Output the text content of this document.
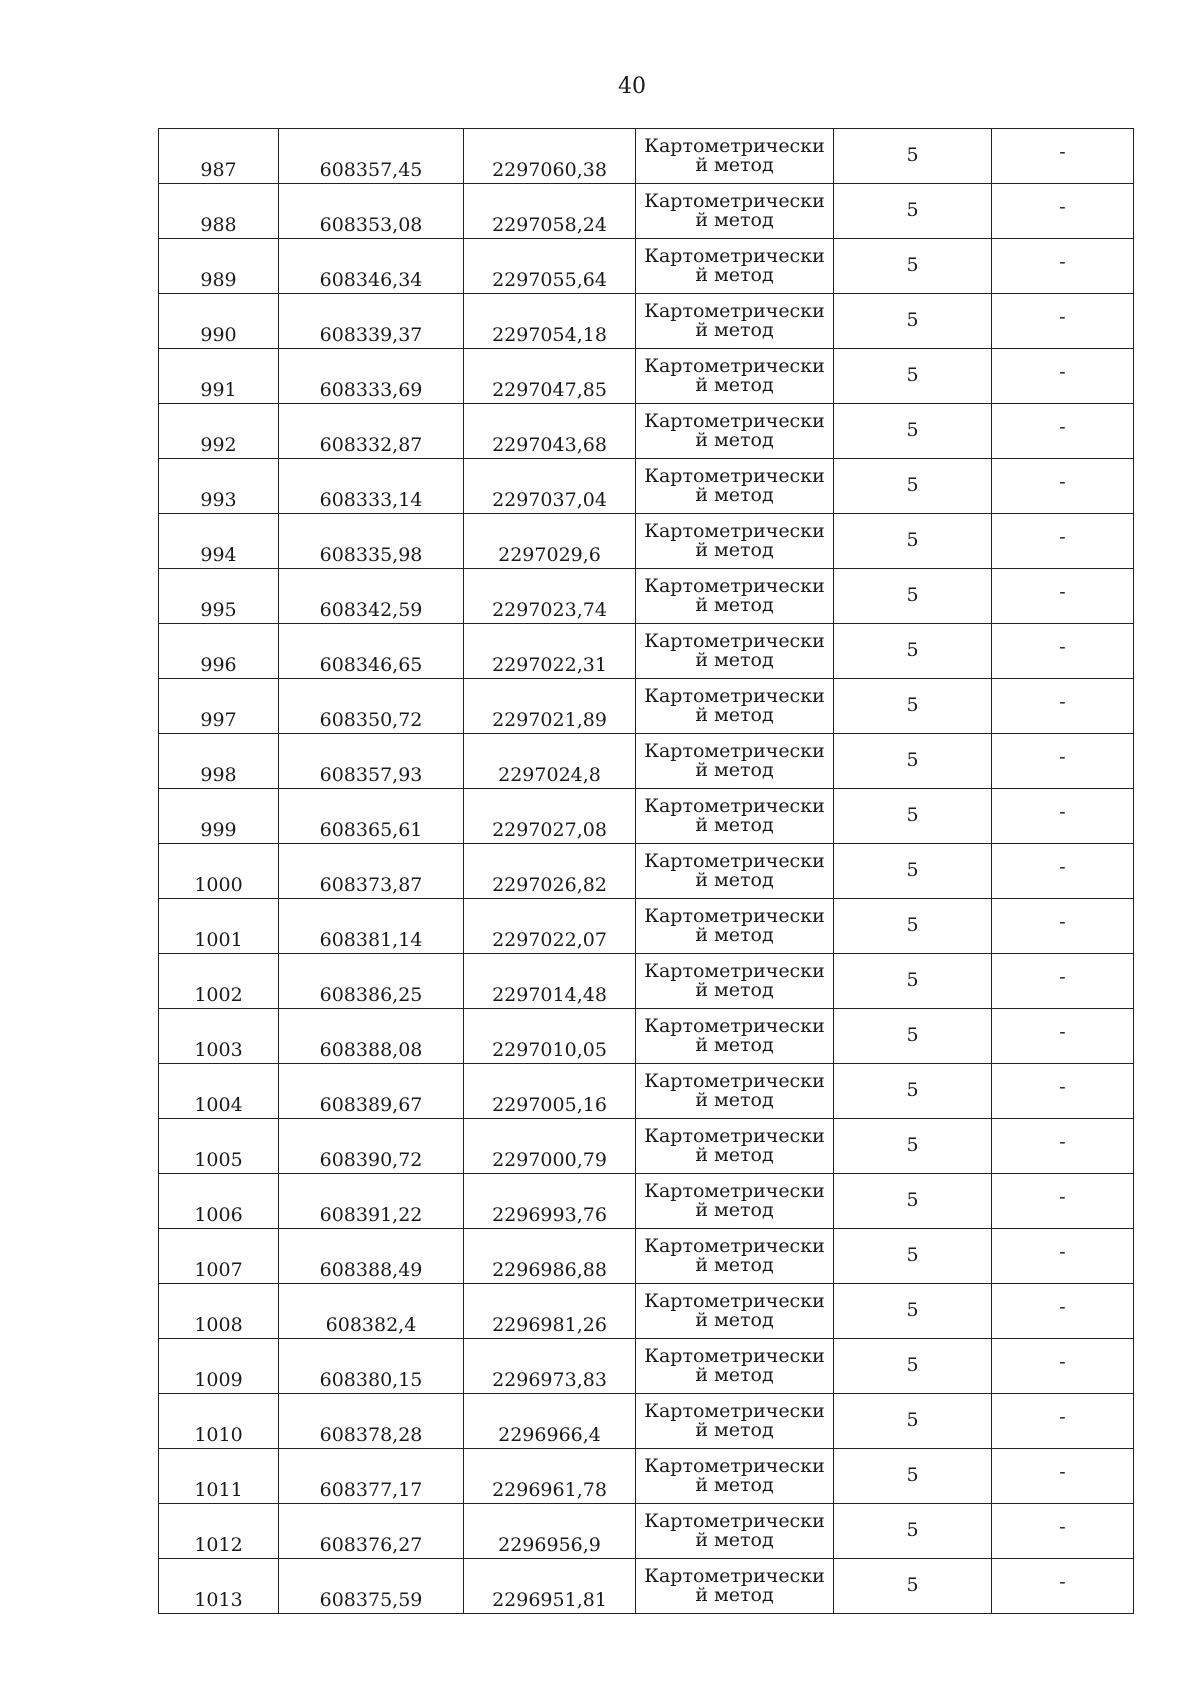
40
987	608357,45	2297060,38	Картометрически
й метод	5	-
988	608353,08	2297058,24	Картометрически
й метод	5	-
989	608346,34	2297055,64	Картометрически
й метод	5	-
990	608339,37	2297054,18	Картометрически
й метод	5	-
991	608333,69	2297047,85	Картометрически
й метод	5	-
992	608332,87	2297043,68	Картометрически
й метод	5	-
993	608333,14	2297037,04	Картометрически
й метод	5	-
994	608335,98	2297029,6	Картометрически
й метод	5	-
995	608342,59	2297023,74	Картометрически
й метод	5	-
996	608346,65	2297022,31	Картометрически
й метод	5	-
997	608350,72	2297021,89	Картометрически
й метод	5	-
998	608357,93	2297024,8	Картометрически
й метод	5	-
999	608365,61	2297027,08	Картометрически
й метод	5	-
1000	608373,87	2297026,82	Картометрически
й метод	5	-
1001	608381,14	2297022,07	Картометрически
й метод	5	-
1002	608386,25	2297014,48	Картометрически
й метод	5	-
1003	608388,08	2297010,05	Картометрически
й метод	5	-
1004	608389,67	2297005,16	Картометрически
й метод	5	-
1005	608390,72	2297000,79	Картометрически
й метод	5	-
1006	608391,22	2296993,76	Картометрически
й метод	5	-
1007	608388,49	2296986,88	Картометрически
й метод	5	-
1008	608382,4	2296981,26	Картометрически
й метод	5	-
1009	608380,15	2296973,83	Картометрически
й метод	5	-
1010	608378,28	2296966,4	Картометрически
й метод	5	-
1011	608377,17	2296961,78	Картометрически
й метод	5	-
1012	608376,27	2296956,9	Картометрически
й метод	5	-
1013	608375,59	2296951,81	Картометрически
й метод	5	-
